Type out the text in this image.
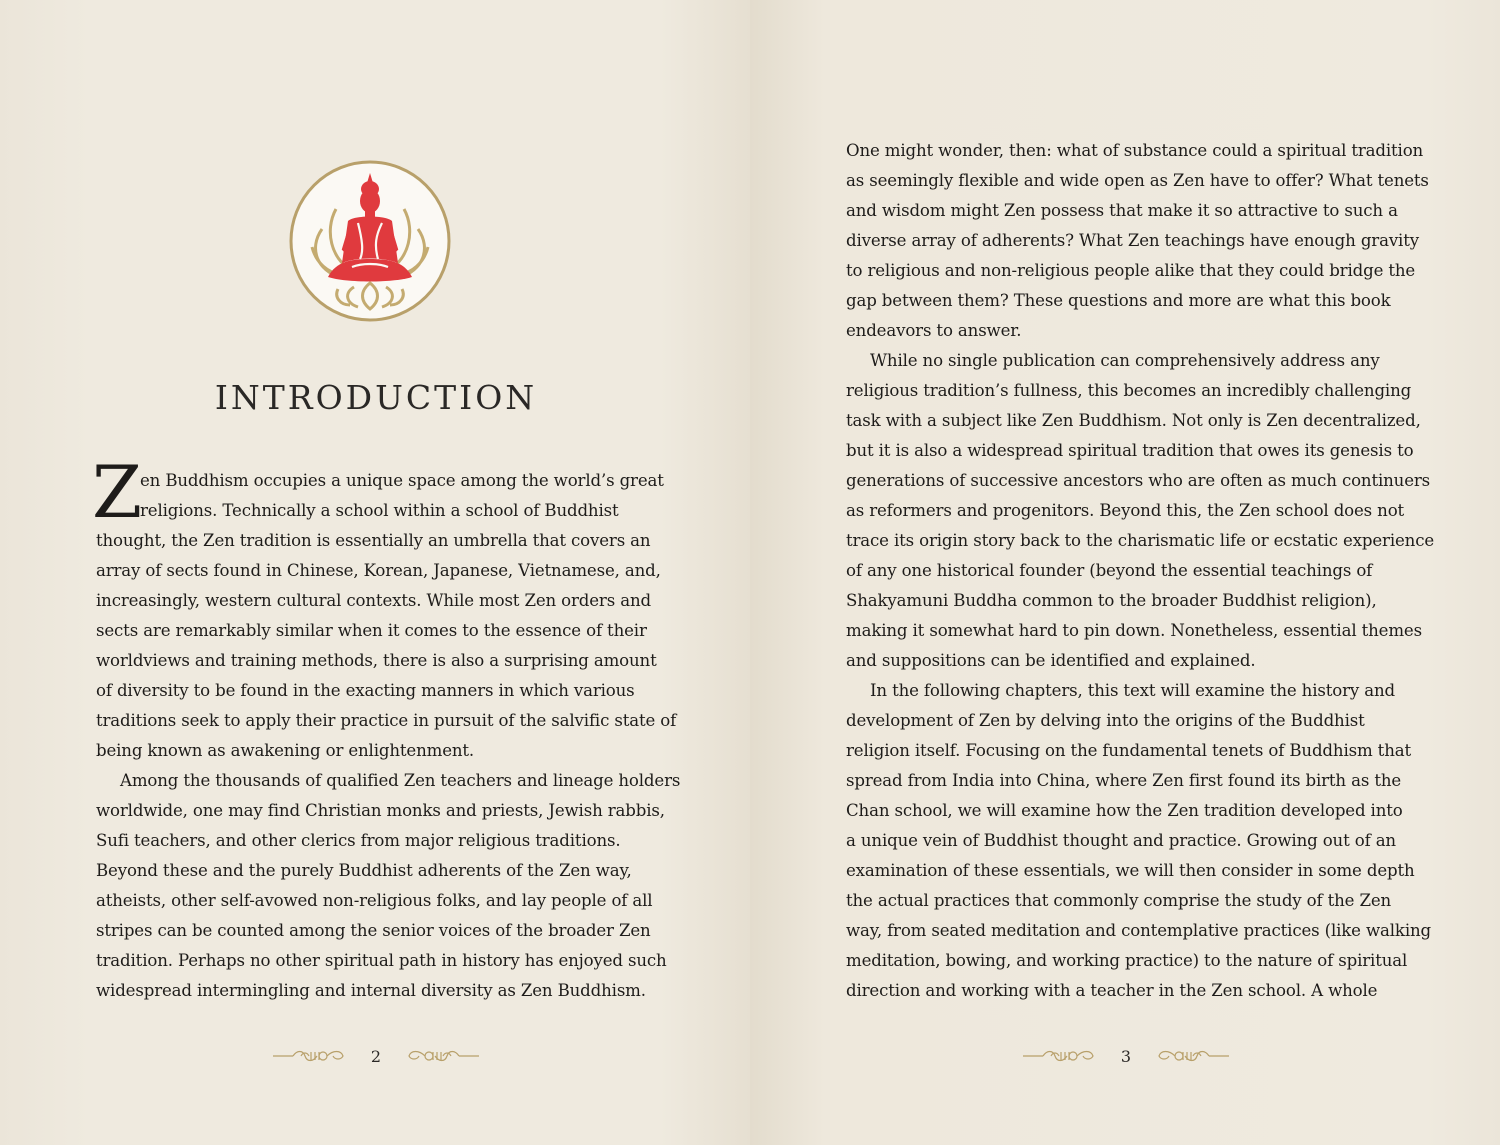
INTRODUCTION
Z
en Buddhism occupies a unique space among the world’s great
religions. Technically a school within a school of Buddhist
thought, the Zen tradition is essentially an umbrella that covers an
array of sects found in Chinese, Korean, Japanese, Vietnamese, and,
increasingly, western cultural contexts. While most Zen orders and
sects are remarkably similar when it comes to the essence of their
worldviews and training methods, there is also a surprising amount
of diversity to be found in the exacting manners in which various
traditions seek to apply their practice in pursuit of the salvific state of
being known as awakening or enlightenment.
Among the thousands of qualified Zen teachers and lineage holders
worldwide, one may find Christian monks and priests, Jewish rabbis,
Sufi teachers, and other clerics from major religious traditions.
Beyond these and the purely Buddhist adherents of the Zen way,
atheists, other self-avowed non-religious folks, and lay people of all
stripes can be counted among the senior voices of the broader Zen
tradition. Perhaps no other spiritual path in history has enjoyed such
widespread intermingling and internal diversity as Zen Buddhism.
2
One might wonder, then: what of substance could a spiritual tradition
as seemingly flexible and wide open as Zen have to offer? What tenets
and wisdom might Zen possess that make it so attractive to such a
diverse array of adherents? What Zen teachings have enough gravity
to religious and non-religious people alike that they could bridge the
gap between them? These questions and more are what this book
endeavors to answer.
While no single publication can comprehensively address any
religious tradition’s fullness, this becomes an incredibly challenging
task with a subject like Zen Buddhism. Not only is Zen decentralized,
but it is also a widespread spiritual tradition that owes its genesis to
generations of successive ancestors who are often as much continuers
as reformers and progenitors. Beyond this, the Zen school does not
trace its origin story back to the charismatic life or ecstatic experience
of any one historical founder (beyond the essential teachings of
Shakyamuni Buddha common to the broader Buddhist religion),
making it somewhat hard to pin down. Nonetheless, essential themes
and suppositions can be identified and explained.
In the following chapters, this text will examine the history and
development of Zen by delving into the origins of the Buddhist
religion itself. Focusing on the fundamental tenets of Buddhism that
spread from India into China, where Zen first found its birth as the
Chan school, we will examine how the Zen tradition developed into
a unique vein of Buddhist thought and practice. Growing out of an
examination of these essentials, we will then consider in some depth
the actual practices that commonly comprise the study of the Zen
way, from seated meditation and contemplative practices (like walking
meditation, bowing, and working practice) to the nature of spiritual
direction and working with a teacher in the Zen school. A whole
3
